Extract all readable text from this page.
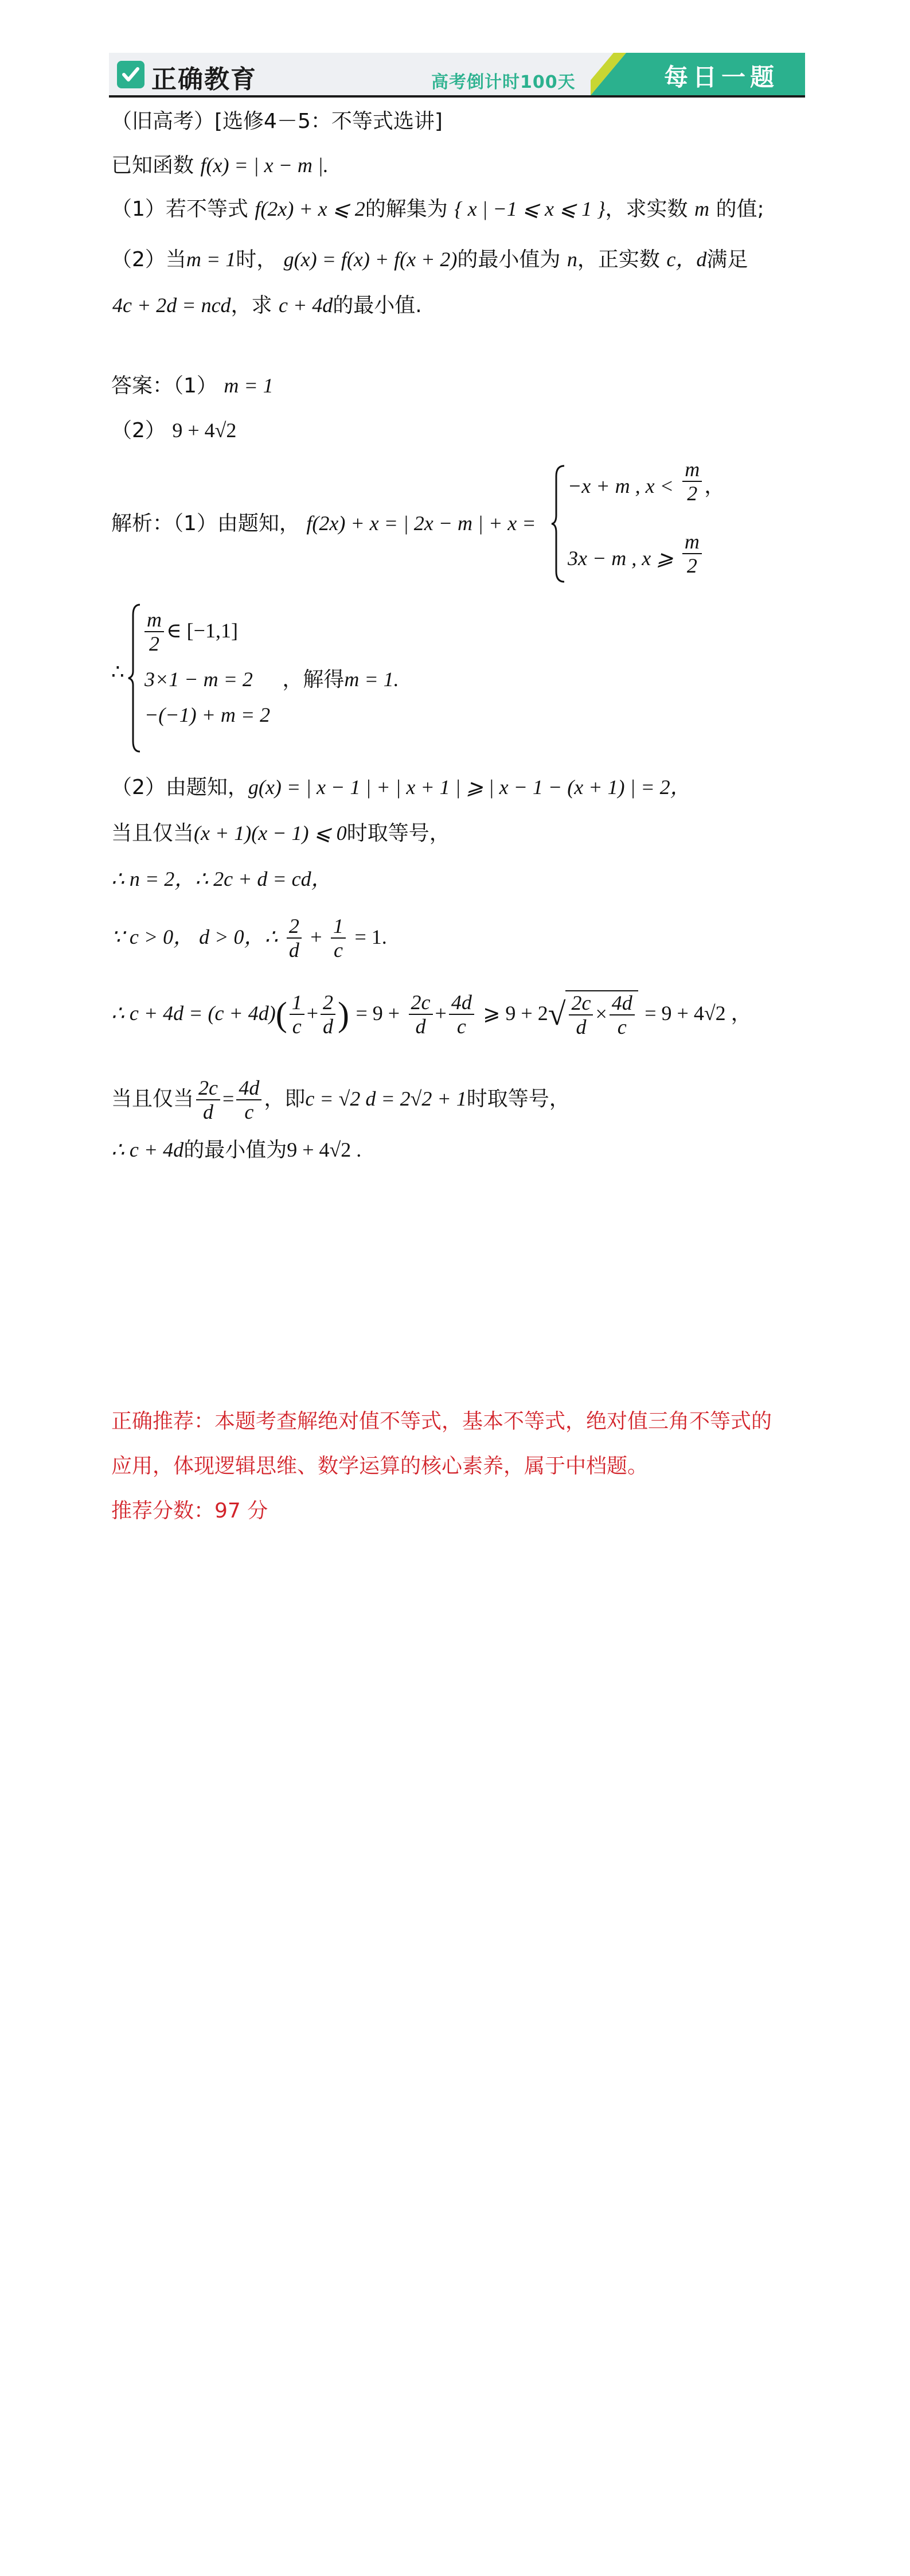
正确教育	高考倒计时100天	每日一题
（旧高考）[选修4－5：不等式选讲]
已知函数 f(x) = | x − m |.
（1）若不等式 f(2x) + x ⩽ 2的解集为 { x | −1 ⩽ x ⩽ 1 }，求实数 m 的值;
（2）当m = 1时， g(x) = f(x) + f(x + 2)的最小值为 n，正实数 c，d满足
4c + 2d = ncd，求 c + 4d的最小值.
答案：（1） m = 1
（2） 9 + 4√2
解析：（1）由题知， f(2x) + x = | 2x − m | + x =
−x + m , $x < \frac{m}{2}$ ，
3x − m , x ⩾ $\frac{m}{2}$
∴
$\frac{m}{2}$ ∈ [−1,1]
3×1 − m = 2 ，解得m = 1.
−(−1) + m = 2
（2）由题知，g(x) = | x − 1 | + | x + 1 | ⩾ | x − 1 − (x + 1) | = 2，
当且仅当(x + 1)(x − 1) ⩽ 0时取等号，
∴ n = 2，∴ 2c + d = cd，
∵ c > 0， d > 0，∴ $\frac{2}{d} + \frac{1}{c} = 1$.
∴ $c + 4d = (c + 4d)( \frac{1}{c} + \frac{2}{d}$ ) = $9 + \frac{2c}{d} + \frac{4d}{c}$ ⩾ $9 + 2√ \frac{2c}{d} \times \frac{4d}{c} = 9 + 4√2$ ，
当且仅当 $\frac{2c}{d} = \frac{4d}{c}$ ，即c = √2 d = 2√2 + 1时取等号，
∴ c + 4d的最小值为9 + 4√2 .
正确推荐：本题考查解绝对值不等式，基本不等式，绝对值三角不等式的
应用，体现逻辑思维、数学运算的核心素养，属于中档题。
推荐分数：97 分
